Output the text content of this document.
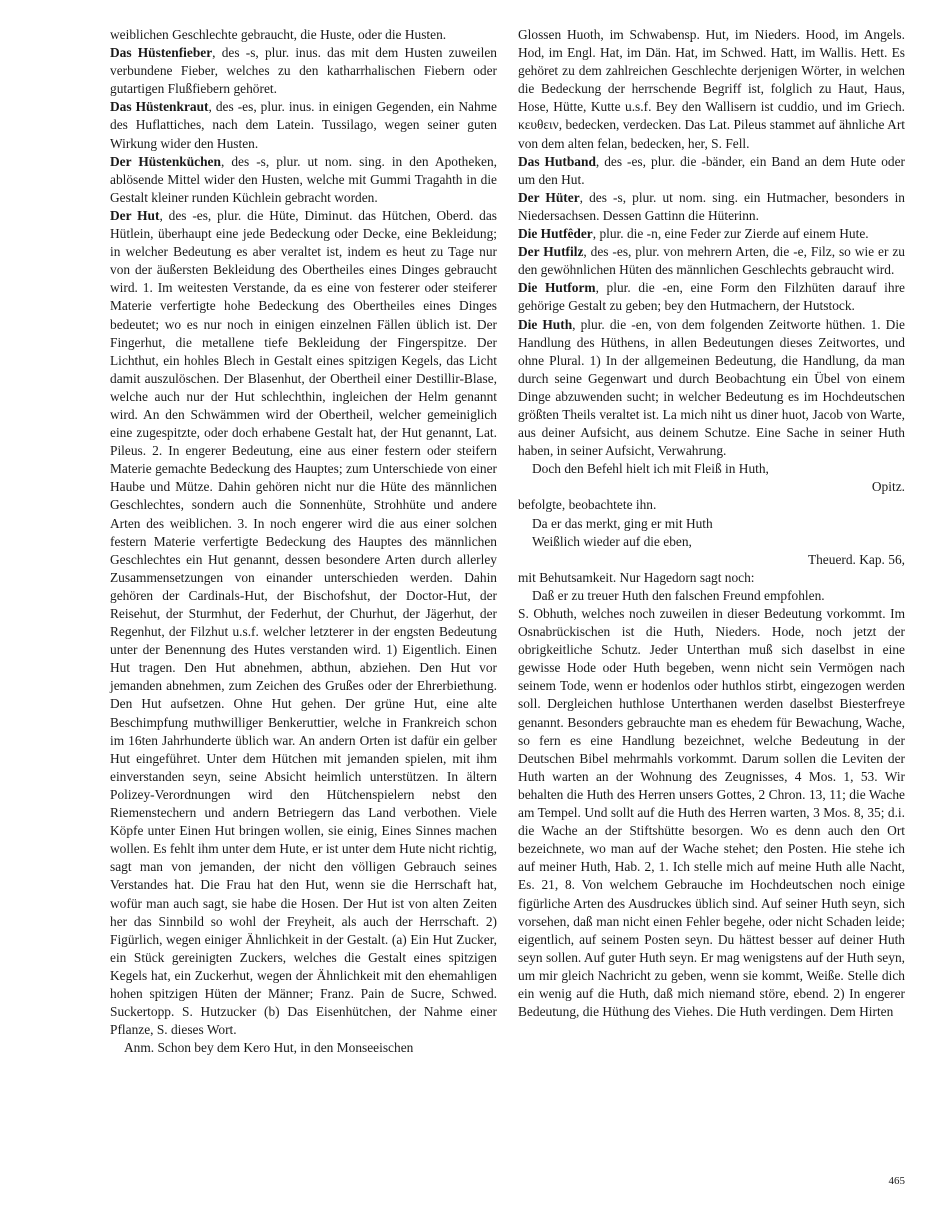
weiblichen Geschlechte gebraucht, die Huste, oder die Husten.

Das Hüstenfieber, des -s, plur. inus. das mit dem Husten zuweilen verbundene Fieber, welches zu den katharrhalischen Fiebern oder gutartigen Flußfiebern gehöret.

Das Hüstenkraut, des -es, plur. inus. in einigen Gegenden, ein Nahme des Huflattiches, nach dem Latein. Tussilago, wegen seiner guten Wirkung wider den Husten.

Der Hüstenküchen, des -s, plur. ut nom. sing. in den Apotheken, ablösende Mittel wider den Husten, welche mit Gummi Tragahth in die Gestalt kleiner runden Küchlein gebracht worden.

Der Hut, des -es, plur. die Hüte, Diminut. das Hütchen, Oberd. das Hütlein, überhaupt eine jede Bedeckung oder Decke, eine Bekleidung; in welcher Bedeutung es aber veraltet ist, indem es heut zu Tage nur von der äußersten Bekleidung des Obertheiles eines Dinges gebraucht wird. 1. Im weitesten Verstande, da es eine von festerer oder steiferer Materie verfertigte hohe Bedeckung des Obertheiles eines Dinges bedeutet; wo es nur noch in einigen einzelnen Fällen üblich ist. Der Fingerhut, die metallene tiefe Bekleidung der Fingerspitze. Der Lichthut, ein hohles Blech in Gestalt eines spitzigen Kegels, das Licht damit auszulöschen. Der Blasenhut, der Obertheil einer Destillir-Blase, welche auch nur der Hut schlechthin, ingleichen der Helm genannt wird. An den Schwämmen wird der Obertheil, welcher gemeiniglich eine zugespitzte, oder doch erhabene Gestalt hat, der Hut genannt, Lat. Pileus. 2. In engerer Bedeutung, eine aus einer festern oder steifern Materie gemachte Bedeckung des Hauptes; zum Unterschiede von einer Haube und Mütze. Dahin gehören nicht nur die Hüte des männlichen Geschlechtes, sondern auch die Sonnenhüte, Strohhüte und andere Arten des weiblichen. 3. In noch engerer wird die aus einer solchen festern Materie verfertigte Bedeckung des Hauptes des männlichen Geschlechtes ein Hut genannt, dessen besondere Arten durch allerley Zusammensetzungen von einander unterschieden werden. Dahin gehören der Cardinals-Hut, der Bischofshut, der Doctor-Hut, der Reisehut, der Sturmhut, der Federhut, der Churhut, der Jägerhut, der Regenhut, der Filzhut u.s.f. welcher letzterer in der engsten Bedeutung unter der Benennung des Hutes verstanden wird. 1) Eigentlich. Einen Hut tragen. Den Hut abnehmen, abthun, abziehen. Den Hut vor jemanden abnehmen, zum Zeichen des Grußes oder der Ehrerbiethung. Den Hut aufsetzen. Ohne Hut gehen. Der grüne Hut, eine alte Beschimpfung muthwilliger Benkeruttier, welche in Frankreich schon im 16ten Jahrhunderte üblich war. An andern Orten ist dafür ein gelber Hut eingeführet. Unter dem Hütchen mit jemanden spielen, mit ihm einverstanden seyn, seine Absicht heimlich unterstützen. In ältern Polizey-Verordnungen wird den Hütchenspielern nebst den Riemenstechern und andern Betriegern das Land verbothen. Viele Köpfe unter Einen Hut bringen wollen, sie einig, Eines Sinnes machen wollen. Es fehlt ihm unter dem Hute, er ist unter dem Hute nicht richtig, sagt man von jemanden, der nicht den völligen Gebrauch seines Verstandes hat. Die Frau hat den Hut, wenn sie die Herrschaft hat, wofür man auch sagt, sie habe die Hosen. Der Hut ist von alten Zeiten her das Sinnbild so wohl der Freyheit, als auch der Herrschaft. 2) Figürlich, wegen einiger Ähnlichkeit in der Gestalt. (a) Ein Hut Zucker, ein Stück gereinigten Zuckers, welches die Gestalt eines spitzigen Kegels hat, ein Zuckerhut, wegen der Ähnlichkeit mit den ehemahligen hohen spitzigen Hüten der Männer; Franz. Pain de Sucre, Schwed. Suckertopp. S. Hutzucker (b) Das Eisenhütchen, der Nahme einer Pflanze, S. dieses Wort.

Anm. Schon bey dem Kero Hut, in den Monseeischen

Glossen Huoth, im Schwabensp. Hut, im Nieders. Hood, im Angels. Hod, im Engl. Hat, im Dän. Hat, im Schwed. Hatt, im Wallis. Hett. Es gehöret zu dem zahlreichen Geschlechte derjenigen Wörter, in welchen die Bedeckung der herrschende Begriff ist, folglich zu Haut, Haus, Hose, Hütte, Kutte u.s.f. Bey den Wallisern ist cuddio, und im Griech. κευθειν, bedecken, verdecken. Das Lat. Pileus stammet auf ähnliche Art von dem alten felan, bedecken, her, S. Fell.

Das Hutband, des -es, plur. die -bänder, ein Band an dem Hute oder um den Hut.

Der Hüter, des -s, plur. ut nom. sing. ein Hutmacher, besonders in Niedersachsen. Dessen Gattinn die Hüterinn.

Die Hutfêder, plur. die -n, eine Feder zur Zierde auf einem Hute.

Der Hutfilz, des -es, plur. von mehrern Arten, die -e, Filz, so wie er zu den gewöhnlichen Hüten des männlichen Geschlechts gebraucht wird.

Die Hutform, plur. die -en, eine Form den Filzhüten darauf ihre gehörige Gestalt zu geben; bey den Hutmachern, der Hutstock.

Die Huth, plur. die -en, von dem folgenden Zeitworte hüthen. 1. Die Handlung des Hüthens, in allen Bedeutungen dieses Zeitwortes, und ohne Plural. 1) In der allgemeinen Bedeutung, die Handlung, da man durch seine Gegenwart und durch Beobachtung ein Übel von einem Dinge abzuwenden sucht; in welcher Bedeutung es im Hochdeutschen größten Theils veraltet ist. La mich niht us diner huot, Jacob von Warte, aus deiner Aufsicht, aus deinem Schutze. Eine Sache in seiner Huth haben, in seiner Aufsicht, Verwahrung.

Doch den Befehl hielt ich mit Fleiß in Huth,

Opitz.

befolgte, beobachtete ihn.

Da er das merkt, ging er mit Huth

Weißlich wieder auf die eben,

Theuerd. Kap. 56,

mit Behutsamkeit. Nur Hagedorn sagt noch:

Daß er zu treuer Huth den falschen Freund empfohlen.

S. Obhuth, welches noch zuweilen in dieser Bedeutung vorkommt. Im Osnabrückischen ist die Huth, Nieders. Hode, noch jetzt der obrigkeitliche Schutz. Jeder Unterthan muß sich daselbst in eine gewisse Hode oder Huth begeben, wenn nicht sein Vermögen nach seinem Tode, wenn er hodenlos oder huthlos stirbt, eingezogen werden soll. Dergleichen huthlose Unterthanen werden daselbst Biesterfreye genannt. Besonders gebrauchte man es ehedem für Bewachung, Wache, so fern es eine Handlung bezeichnet, welche Bedeutung in der Deutschen Bibel mehrmahls vorkommt. Darum sollen die Leviten der Huth warten an der Wohnung des Zeugnisses, 4 Mos. 1, 53. Wir behalten die Huth des Herren unsers Gottes, 2 Chron. 13, 11; die Wache am Tempel. Und sollt auf die Huth des Herren warten, 3 Mos. 8, 35; d.i. die Wache an der Stiftshütte besorgen. Wo es denn auch den Ort bezeichnete, wo man auf der Wache stehet; den Posten. Hie stehe ich auf meiner Huth, Hab. 2, 1. Ich stelle mich auf meine Huth alle Nacht, Es. 21, 8. Von welchem Gebrauche im Hochdeutschen noch einige figürliche Arten des Ausdruckes üblich sind. Auf seiner Huth seyn, sich vorsehen, daß man nicht einen Fehler begehe, oder nicht Schaden leide; eigentlich, auf seinem Posten seyn. Du hättest besser auf deiner Huth seyn sollen. Auf guter Huth seyn. Er mag wenigstens auf der Huth seyn, um mir gleich Nachricht zu geben, wenn sie kommt, Weiße. Stelle dich ein wenig auf die Huth, daß mich niemand störe, ebend. 2) In engerer Bedeutung, die Hüthung des Viehes. Die Huth verdingen. Dem Hirten

465
